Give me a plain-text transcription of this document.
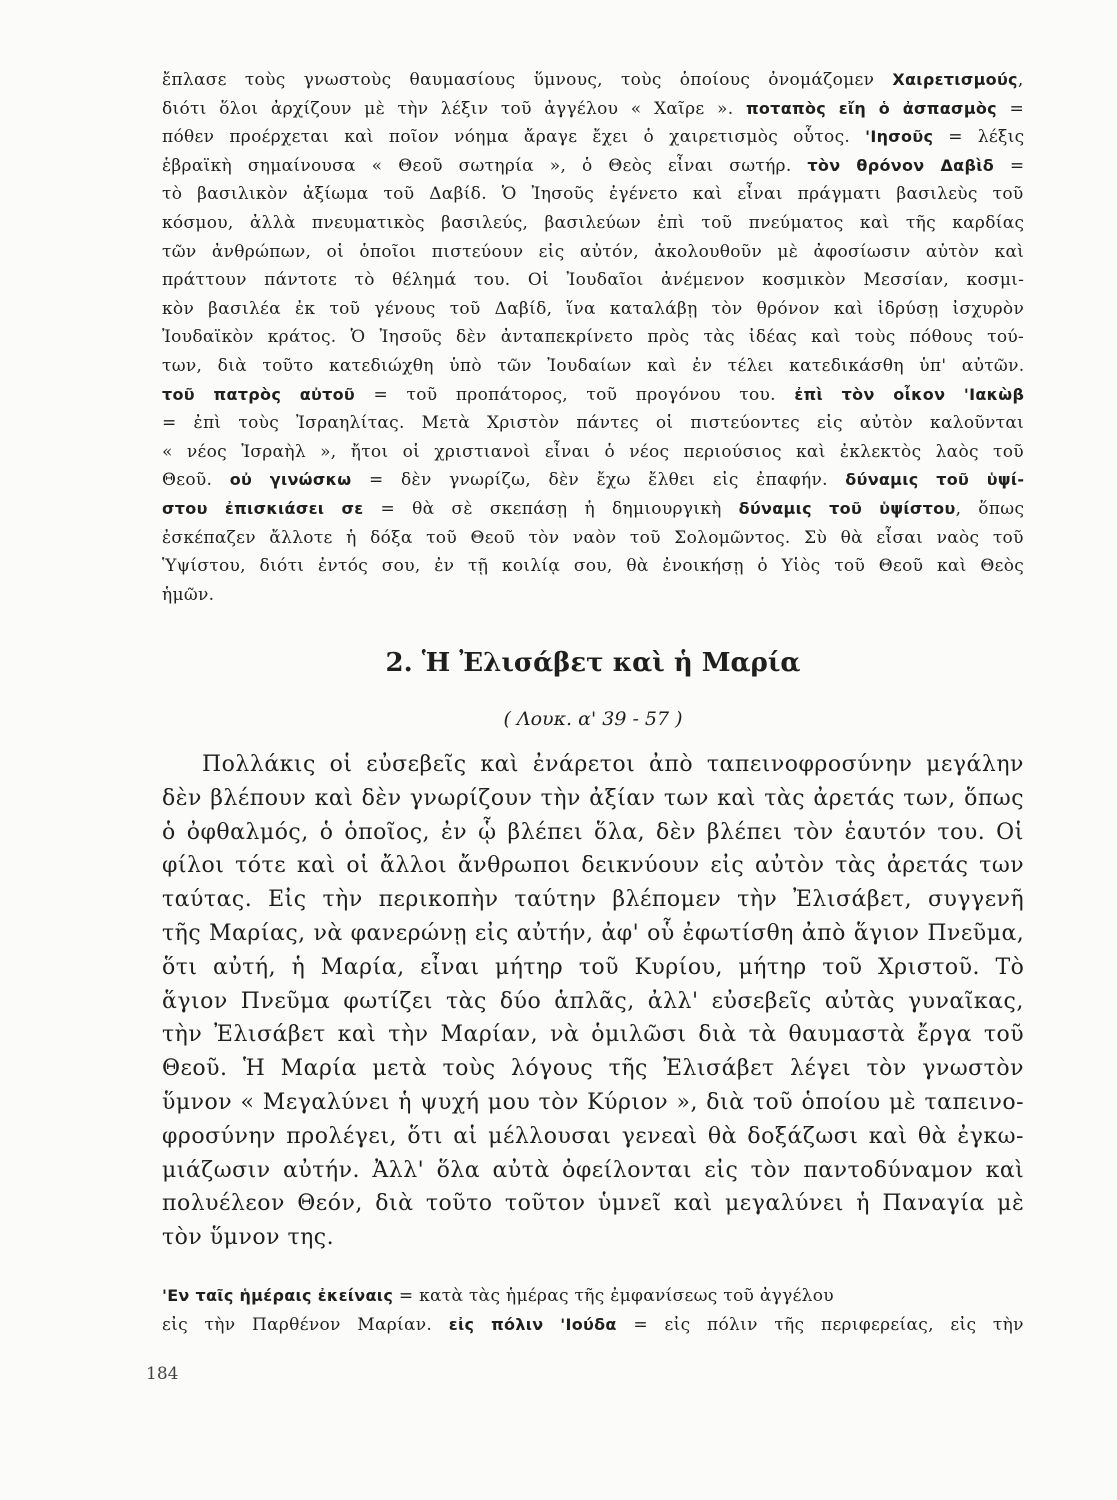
ἔπλασε τοὺς γνωστοὺς θαυμασίους ὕμνους, τοὺς ὁποίους ὀνομάζομεν Χαιρετισμούς,
διότι ὅλοι ἀρχίζουν μὲ τὴν λέξιν τοῦ ἀγγέλου « Χαῖρε ». ποταπὸς εἴη ὁ ἀσπασμὸς =
πόθεν προέρχεται καὶ ποῖον νόημα ἄραγε ἔχει ὁ χαιρετισμὸς οὗτος. 'Ιησοῦς = λέξις
ἑβραϊκὴ σημαίνουσα « Θεοῦ σωτηρία », ὁ Θεὸς εἶναι σωτήρ. τὸν θρόνον Δαβὶδ =
τὸ βασιλικὸν ἀξίωμα τοῦ Δαβίδ. Ὁ Ἰησοῦς ἐγένετο καὶ εἶναι πράγματι βασιλεὺς τοῦ
κόσμου, ἀλλὰ πνευματικὸς βασιλεύς, βασιλεύων ἐπὶ τοῦ πνεύματος καὶ τῆς καρδίας
τῶν ἀνθρώπων, οἱ ὁποῖοι πιστεύουν εἰς αὐτόν, ἀκολουθοῦν μὲ ἀφοσίωσιν αὐτὸν καὶ
πράττουν πάντοτε τὸ θέλημά του. Οἱ Ἰουδαῖοι ἀνέμενον κοσμικὸν Μεσσίαν, κοσμι-
κὸν βασιλέα ἐκ τοῦ γένους τοῦ Δαβίδ, ἵνα καταλάβῃ τὸν θρόνον καὶ ἱδρύσῃ ἰσχυρὸν
Ἰουδαϊκὸν κράτος. Ὁ Ἰησοῦς δὲν ἀνταπεκρίνετο πρὸς τὰς ἰδέας καὶ τοὺς πόθους τού-
των, διὰ τοῦτο κατεδιώχθη ὑπὸ τῶν Ἰουδαίων καὶ ἐν τέλει κατεδικάσθη ὑπ' αὐτῶν.
τοῦ πατρὸς αὐτοῦ = τοῦ προπάτορος, τοῦ προγόνου του. ἐπὶ τὸν οἶκον 'Ιακὼβ
= ἐπὶ τοὺς Ἰσραηλίτας. Μετὰ Χριστὸν πάντες οἱ πιστεύοντες εἰς αὐτὸν καλοῦνται
« νέος Ἰσραὴλ », ἤτοι οἱ χριστιανοὶ εἶναι ὁ νέος περιούσιος καὶ ἐκλεκτὸς λαὸς τοῦ
Θεοῦ. οὐ γινώσκω = δὲν γνωρίζω, δὲν ἔχω ἔλθει εἰς ἐπαφήν. δύναμις τοῦ ὑψί-
στου ἐπισκιάσει σε = θὰ σὲ σκεπάσῃ ἡ δημιουργικὴ δύναμις τοῦ ὑψίστου, ὅπως
ἐσκέπαζεν ἄλλοτε ἡ δόξα τοῦ Θεοῦ τὸν ναὸν τοῦ Σολομῶντος. Σὺ θὰ εἶσαι ναὸς τοῦ
Ὑψίστου, διότι ἐντός σου, ἐν τῇ κοιλίᾳ σου, θὰ ἐνοικήσῃ ὁ Υἱὸς τοῦ Θεοῦ καὶ Θεὸς
ἡμῶν.
2. Ἡ Ἐλισάβετ καὶ ἡ Μαρία
( Λουκ. α' 39 - 57 )
Πολλάκις οἱ εὐσεβεῖς καὶ ἐνάρετοι ἀπὸ ταπεινοφροσύνην μεγάλην
δὲν βλέπουν καὶ δὲν γνωρίζουν τὴν ἀξίαν των καὶ τὰς ἀρετάς των, ὅπως
ὁ ὀφθαλμός, ὁ ὁποῖος, ἐν ᾧ βλέπει ὅλα, δὲν βλέπει τὸν ἑαυτόν του. Οἱ
φίλοι τότε καὶ οἱ ἄλλοι ἄνθρωποι δεικνύουν εἰς αὐτὸν τὰς ἀρετάς των
ταύτας. Εἰς τὴν περικοπὴν ταύτην βλέπομεν τὴν Ἐλισάβετ, συγγενῆ
τῆς Μαρίας, νὰ φανερώνῃ εἰς αὐτήν, ἀφ' οὗ ἐφωτίσθη ἀπὸ ἅγιον Πνεῦμα,
ὅτι αὐτή, ἡ Μαρία, εἶναι μήτηρ τοῦ Κυρίου, μήτηρ τοῦ Χριστοῦ. Τὸ
ἅγιον Πνεῦμα φωτίζει τὰς δύο ἁπλᾶς, ἀλλ' εὐσεβεῖς αὐτὰς γυναῖκας,
τὴν Ἐλισάβετ καὶ τὴν Μαρίαν, νὰ ὁμιλῶσι διὰ τὰ θαυμαστὰ ἔργα τοῦ
Θεοῦ. Ἡ Μαρία μετὰ τοὺς λόγους τῆς Ἐλισάβετ λέγει τὸν γνωστὸν
ὕμνον « Μεγαλύνει ἡ ψυχή μου τὸν Κύριον », διὰ τοῦ ὁποίου μὲ ταπεινο-
φροσύνην προλέγει, ὅτι αἱ μέλλουσαι γενεαὶ θὰ δοξάζωσι καὶ θὰ ἐγκω-
μιάζωσιν αὐτήν. Ἀλλ' ὅλα αὐτὰ ὀφείλονται εἰς τὸν παντοδύναμον καὶ
πολυέλεον Θεόν, διὰ τοῦτο τοῦτον ὑμνεῖ καὶ μεγαλύνει ἡ Παναγία μὲ
τὸν ὕμνον της.
'Εν ταῖς ἡμέραις ἐκείναις = κατὰ τὰς ἡμέρας τῆς ἐμφανίσεως τοῦ ἀγγέλου
εἰς τὴν Παρθένον Μαρίαν. εἰς πόλιν 'Ιούδα = εἰς πόλιν τῆς περιφερείας, εἰς τὴν
184
